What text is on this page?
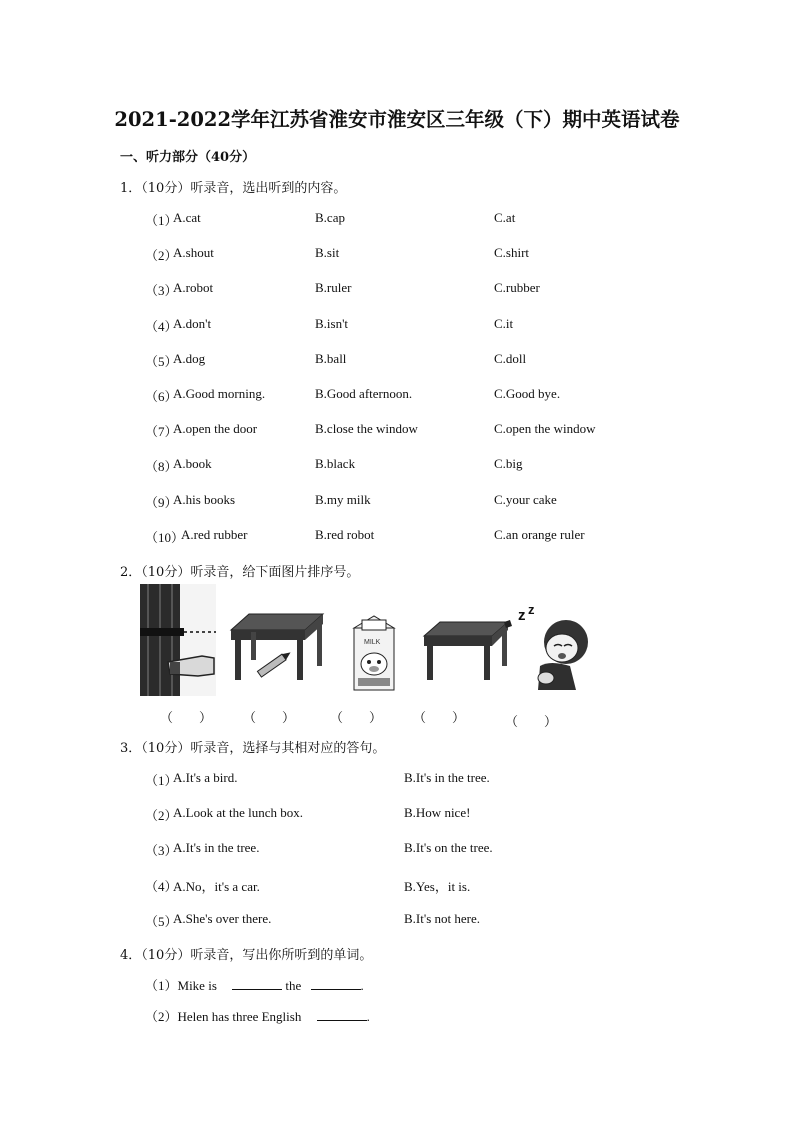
2021-2022学年江苏省淮安市淮安区三年级（下）期中英语试卷
一、听力部分（40分）
1．（10分）听录音，选出听到的内容。
（1）
A.cat	B.cap	C.at
（2）
A.shout	B.sit	C.shirt
（3）
A.robot	B.ruler	C.rubber
（4）
A.don't	B.isn't	C.it
（5）
A.dog	B.ball	C.doll
（6）
A.Good morning.	B.Good afternoon.	C.Good bye.
（7）
A.open the door	B.close the window	C.open the window
（8）
A.book	B.black	C.big
（9）
A.his books	B.my milk	C.your cake
（10）
A.red rubber	B.red robot	C.an orange ruler
2．（10分）听录音，给下面图片排序号。
MILK
z z
（　　） （　　）	（　　） （　　）	（　　）
3．（10分）听录音，选择与其相对应的答句。
（1）
A.It's a bird.	B.It's in the tree.
（2）
A.Look at the lunch box.	B.How nice!
（3）
A.It's in the tree.	B.It's on the tree.
（4）
A.No，it's a car.	B.Yes，it is.
（5）
A.She's over there.	B.It's not here.
4．（10分）听录音，写出你所听到的单词。
（1）Mike is	the	.
（2）Helen has three English	.
